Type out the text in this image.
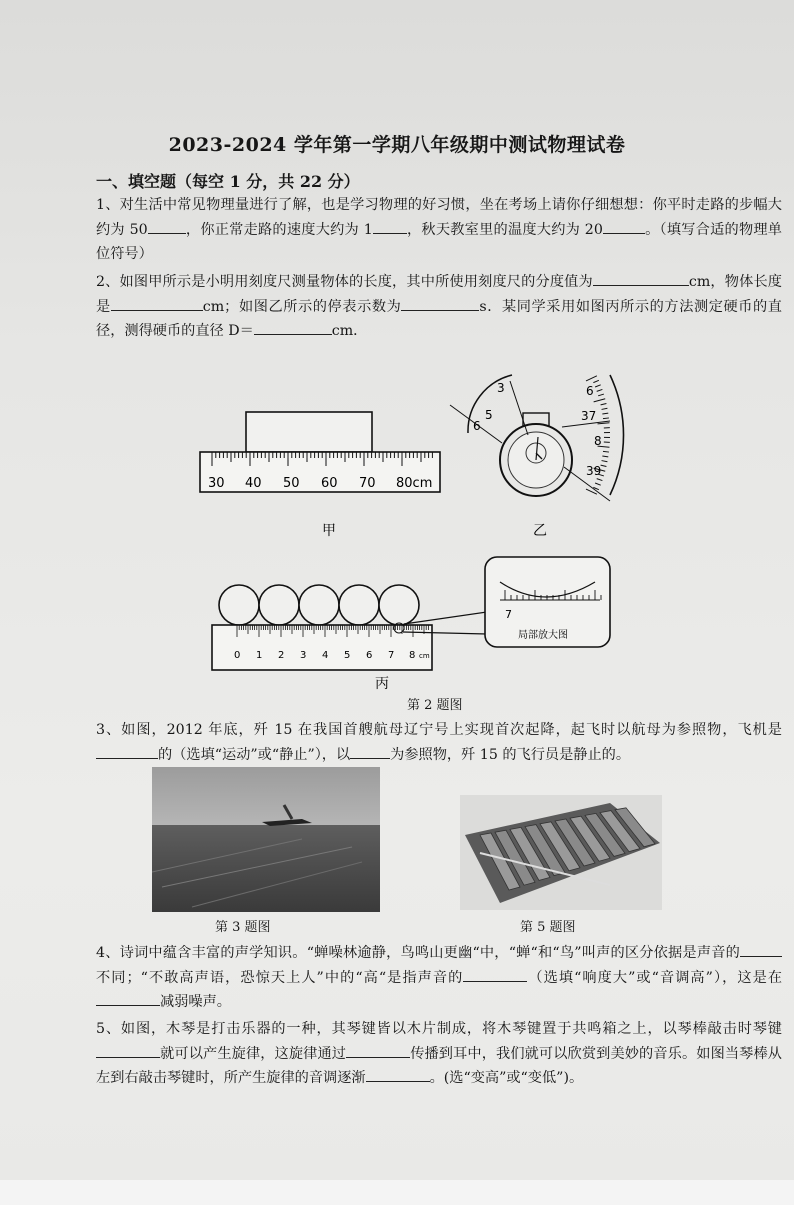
2023-2024 学年第一学期八年级期中测试物理试卷
一、填空题（每空 1 分，共 22 分）

1、对生活中常见物理量进行了解，也是学习物理的好习惯，坐在考场上请你仔细想想：你平时走路的步幅大约为 50	，你正常走路的速度大约为 1 ，秋天教室里的温度大约为 20	。（填写合适的物理单位符号）

2、如图甲所示是小明用刻度尺测量物体的长度，其中所使用刻度尺的分度值为	cm，物体长度是	cm；如图乙所示的停表示数为	s．某同学采用如图丙所示的方法测定硬币的直径，测得硬币的直径 D＝	cm．

30 40 50 60 70 80cm
甲
3
5
6
6
37
8
39
乙
0 1 2 3 4 5 6 7 8 cm
7
局部放大图
丙
第 2 题图

3、如图，2012 年底，歼 15 在我国首艘航母辽宁号上实现首次起降，起飞时以航母为参照物，飞机是的（选填“运动”或“静止”），以	为参照物，歼 15 的飞行员是静止的。

第 3 题图	第 5 题图

4、诗词中蕴含丰富的声学知识。“蝉噪林逾静，鸟鸣山更幽“中，“蝉“和“鸟”叫声的区分依据是声音的不同；“不敢高声语，恐惊天上人”中的“高“是指声音的	（选填“响度大”或“音调高”），这是在减弱噪声。

5、如图，木琴是打击乐器的一种，其琴键皆以木片制成，将木琴键置于共鸣箱之上，以琴棒敲击时琴键就可以产生旋律，这旋律通过	传播到耳中，我们就可以欣赏到美妙的音乐。如图当琴棒从左到右敲击琴键时，所产生旋律的音调逐渐	。(选“变高”或“变低”)。
